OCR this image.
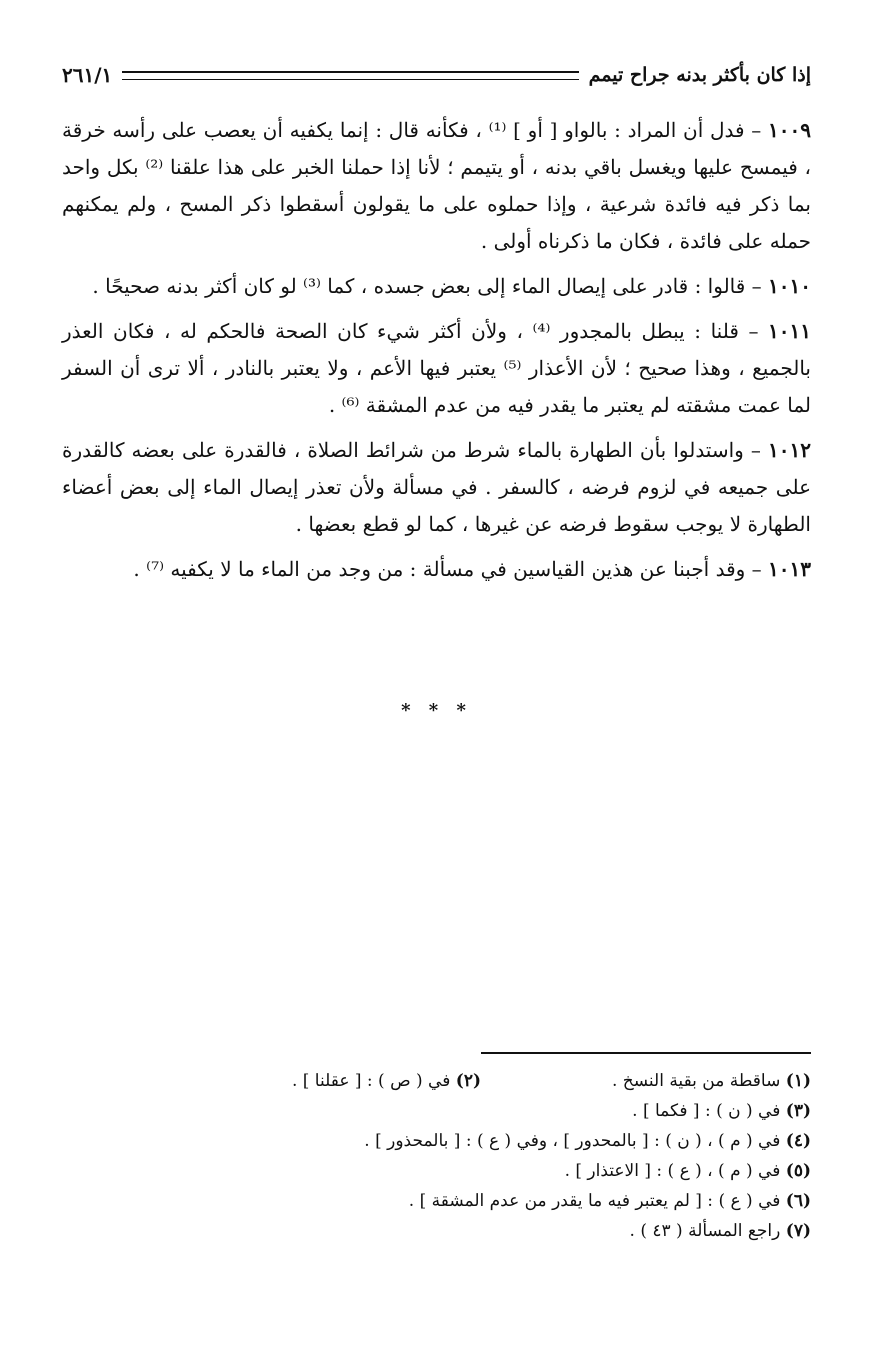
إذا كان بأكثر بدنه جراح تيمم
٢٦١/١

١٠٠٩ – فدل أن المراد : بالواو [ أو ] ⁽¹⁾ ، فكأنه قال : إنما يكفيه أن يعصب على رأسه خرقة ، فيمسح عليها ويغسل باقي بدنه ، أو يتيمم ؛ لأنا إذا حملنا الخبر على هذا علقنا ⁽²⁾ بكل واحد بما ذكر فيه فائدة شرعية ، وإذا حملوه على ما يقولون أسقطوا ذكر المسح ، ولم يمكنهم حمله على فائدة ، فكان ما ذكرناه أولى .

١٠١٠ – قالوا : قادر على إيصال الماء إلى بعض جسده ، كما ⁽³⁾ لو كان أكثر بدنه صحيحًا .

١٠١١ – قلنا : يبطل بالمجدور ⁽⁴⁾ ، ولأن أكثر شيء كان الصحة فالحكم له ، فكان العذر بالجميع ، وهذا صحيح ؛ لأن الأعذار ⁽⁵⁾ يعتبر فيها الأعم ، ولا يعتبر بالنادر ، ألا ترى أن السفر لما عمت مشقته لم يعتبر ما يقدر فيه من عدم المشقة ⁽⁶⁾ .

١٠١٢ – واستدلوا بأن الطهارة بالماء شرط من شرائط الصلاة ، فالقدرة على بعضه كالقدرة على جميعه في لزوم فرضه ، كالسفر . في مسألة ولأن تعذر إيصال الماء إلى بعض أعضاء الطهارة لا يوجب سقوط فرضه عن غيرها ، كما لو قطع بعضها .

١٠١٣ – وقد أجبنا عن هذين القياسين في مسألة : من وجد من الماء ما لا يكفيه ⁽⁷⁾ .

* * *
(١) ساقطة من بقية النسخ .
(٢) في ( ص ) : [ عقلنا ] .
(٣) في ( ن ) : [ فكما ] .
(٤) في ( م ) ، ( ن ) : [ بالمحدور ] ، وفي ( ع ) : [ بالمحذور ] .
(٥) في ( م ) ، ( ع ) : [ الاعتذار ] .
(٦) في ( ع ) : [ لم يعتبر فيه ما يقدر من عدم المشقة ] .
(٧) راجع المسألة ( ٤٣ ) .
